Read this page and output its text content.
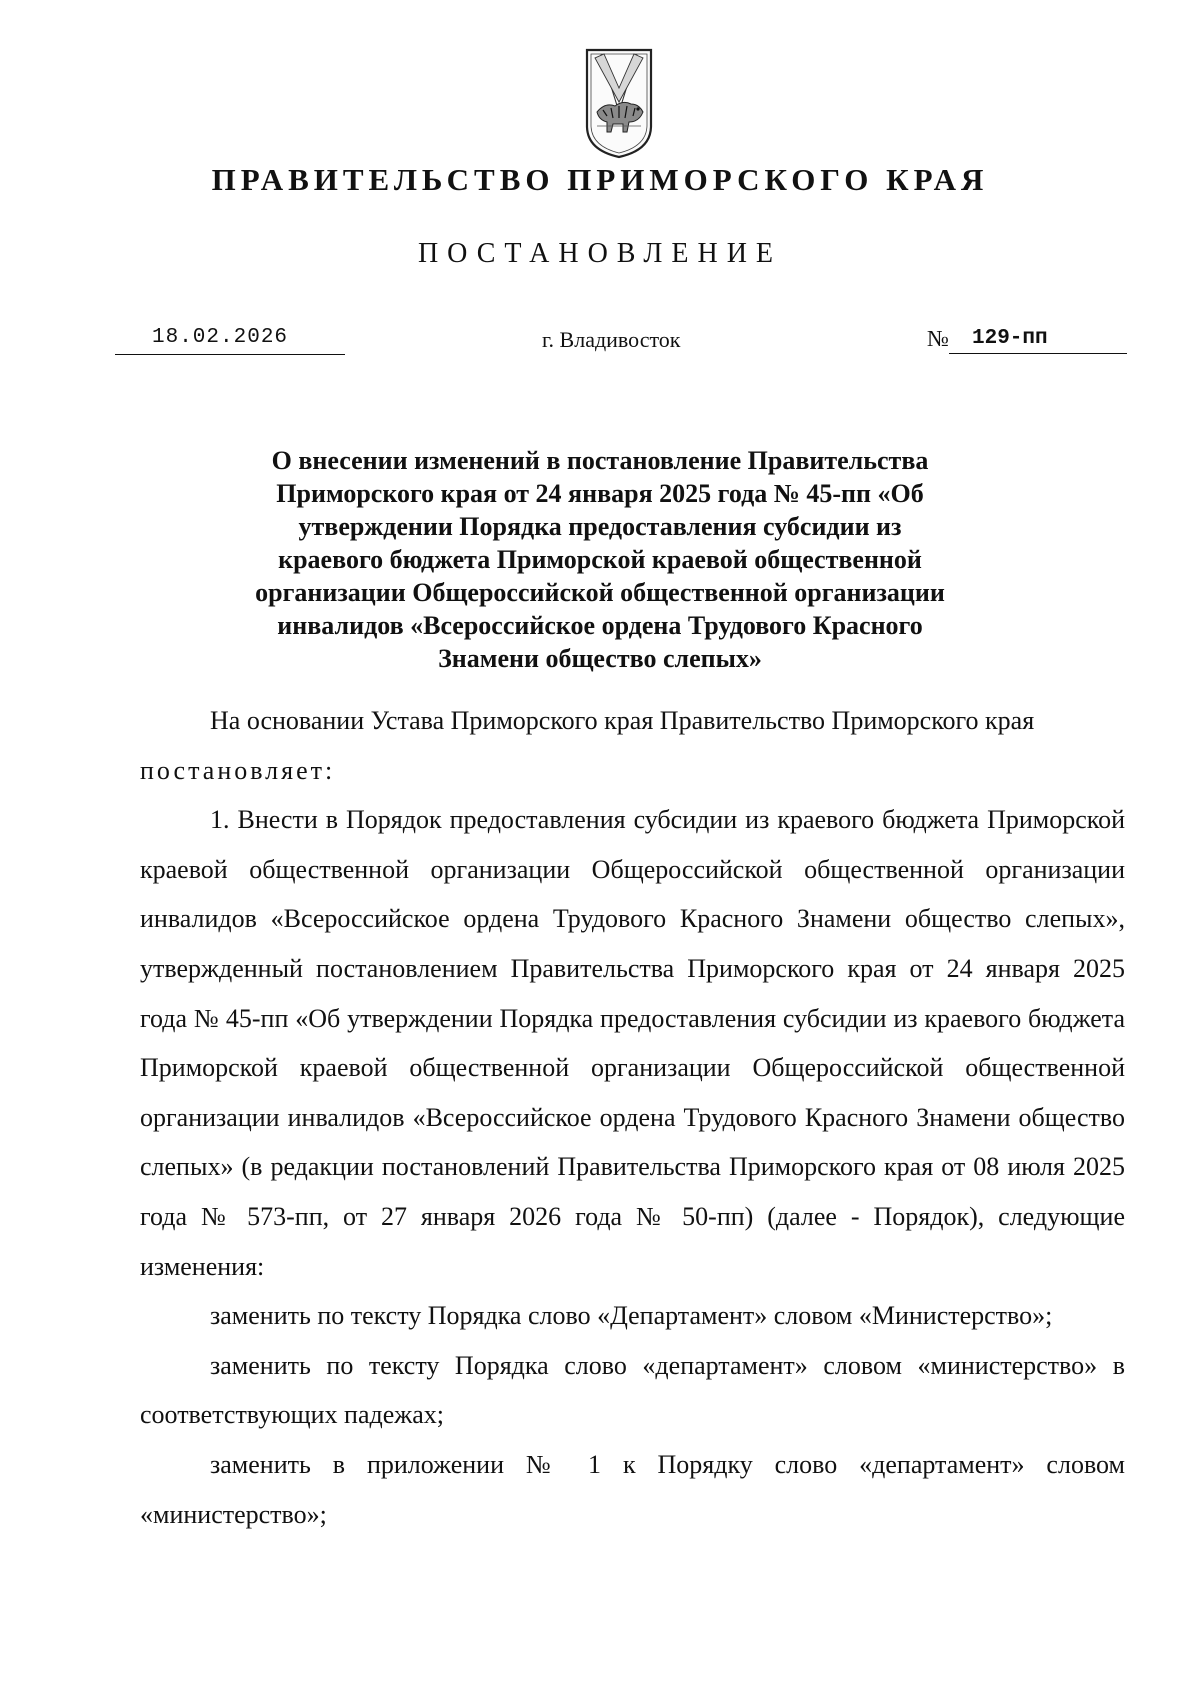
ПРАВИТЕЛЬСТВО ПРИМОРСКОГО КРАЯ
ПОСТАНОВЛЕНИЕ
18.02.2026	г. Владивосток	№ 129-пп
О внесении изменений в постановление Правительства
Приморского края от 24 января 2025 года № 45-пп «Об
утверждении Порядка предоставления субсидии из
краевого бюджета Приморской краевой общественной
организации Общероссийской общественной организации
инвалидов «Всероссийское ордена Трудового Красного
Знамени общество слепых»

На основании Устава Приморского края Правительство Приморского края

постановляет:

1. Внести в Порядок предоставления субсидии из краевого бюджета Приморской краевой общественной организации Общероссийской общественной организации инвалидов «Всероссийское ордена Трудового Красного Знамени общество слепых», утвержденный постановлением Правительства Приморского края от 24 января 2025 года № 45-пп «Об утверждении Порядка предоставления субсидии из краевого бюджета Приморской краевой общественной организации Общероссийской общественной организации инвалидов «Всероссийское ордена Трудового Красного Знамени общество слепых» (в редакции постановлений Правительства Приморского края от 08 июля 2025 года № 573-пп, от 27 января 2026 года № 50-пп) (далее - Порядок), следующие изменения:

заменить по тексту Порядка слово «Департамент» словом «Министерство»;

заменить по тексту Порядка слово «департамент» словом «министерство» в соответствующих падежах;

заменить в приложении № 1 к Порядку слово «департамент» словом «министерство»;
